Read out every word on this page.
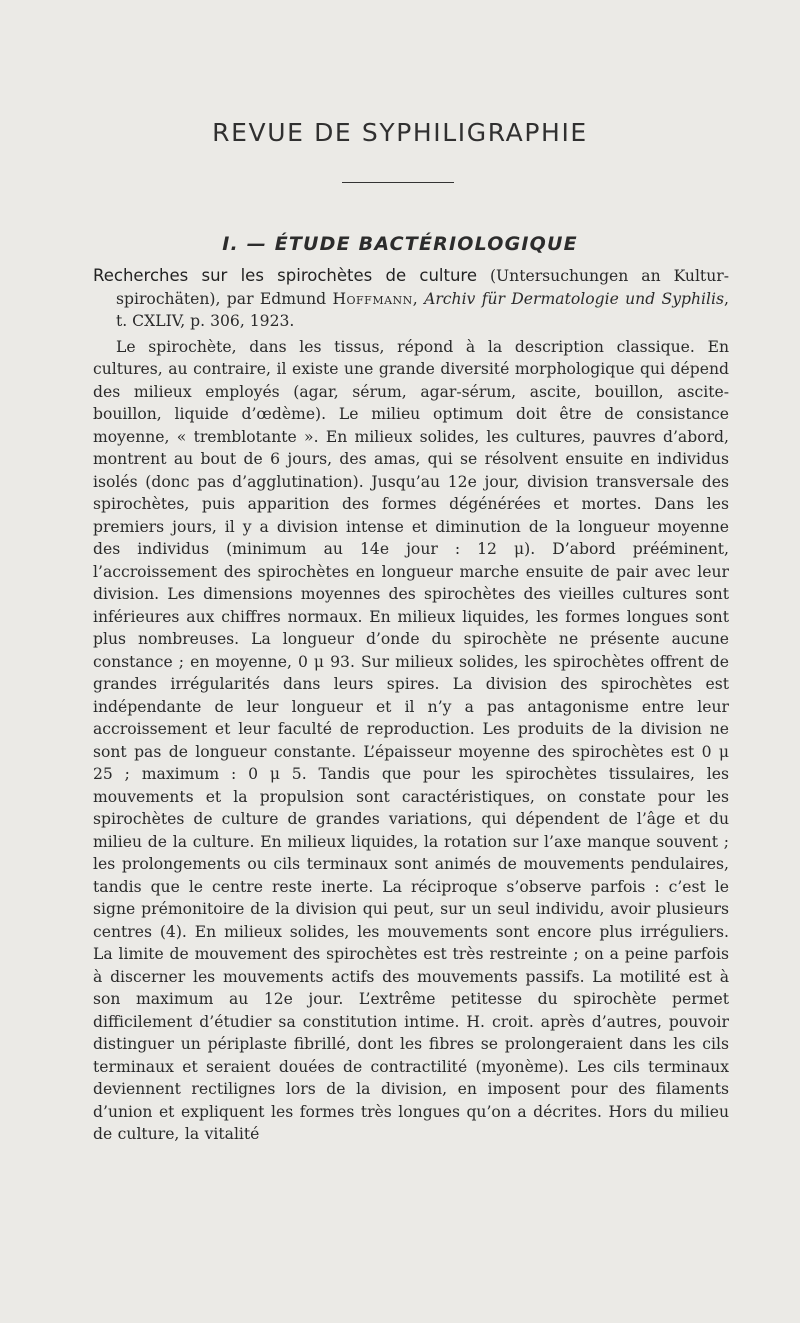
REVUE DE SYPHILIGRAPHIE
I. — ÉTUDE BACTÉRIOLOGIQUE

Recherches sur les spirochètes de culture (Untersuchungen an Kultur-spirochäten), par Edmund Hoffmann, Archiv für Dermatologie und Syphilis, t. CXLIV, p. 306, 1923.

Le spirochète, dans les tissus, répond à la description classique. En cultures, au contraire, il existe une grande diversité morphologique qui dépend des milieux employés (agar, sérum, agar-sérum, ascite, bouillon, ascite-bouillon, liquide d’œdème). Le milieu optimum doit être de consistance moyenne, « tremblotante ». En milieux solides, les cultures, pauvres d’abord, montrent au bout de 6 jours, des amas, qui se résolvent ensuite en individus isolés (donc pas d’agglutination). Jusqu’au 12e jour, division transversale des spirochètes, puis apparition des formes dégénérées et mortes. Dans les premiers jours, il y a division intense et diminution de la longueur moyenne des individus (minimum au 14e jour : 12 μ). D’abord prééminent, l’accroissement des spirochètes en longueur marche ensuite de pair avec leur division. Les dimensions moyennes des spirochètes des vieilles cultures sont inférieures aux chiffres normaux. En milieux liquides, les formes longues sont plus nombreuses. La longueur d’onde du spirochète ne présente aucune constance ; en moyenne, 0 μ 93. Sur milieux solides, les spirochètes offrent de grandes irrégularités dans leurs spires. La division des spirochètes est indépendante de leur longueur et il n’y a pas antagonisme entre leur accroissement et leur faculté de reproduction. Les produits de la division ne sont pas de longueur constante. L’épaisseur moyenne des spirochètes est 0 μ 25 ; maximum : 0 μ 5. Tandis que pour les spirochètes tissulaires, les mouvements et la propulsion sont caractéristiques, on constate pour les spirochètes de culture de grandes variations, qui dépendent de l’âge et du milieu de la culture. En milieux liquides, la rotation sur l’axe manque souvent ; les prolongements ou cils terminaux sont animés de mouvements pendulaires, tandis que le centre reste inerte. La réciproque s’observe parfois : c’est le signe prémonitoire de la division qui peut, sur un seul individu, avoir plusieurs centres (4). En milieux solides, les mouvements sont encore plus irréguliers. La limite de mouvement des spirochètes est très restreinte ; on a peine parfois à discerner les mouvements actifs des mouvements passifs. La motilité est à son maximum au 12e jour. L’extrême petitesse du spirochète permet difficilement d’étudier sa constitution intime. H. croit. après d’autres, pouvoir distinguer un périplaste fibrillé, dont les fibres se prolongeraient dans les cils terminaux et seraient douées de contractilité (myonème). Les cils terminaux deviennent rectilignes lors de la division, en imposent pour des filaments d’union et expliquent les formes très longues qu’on a décrites. Hors du milieu de culture, la vitalité
